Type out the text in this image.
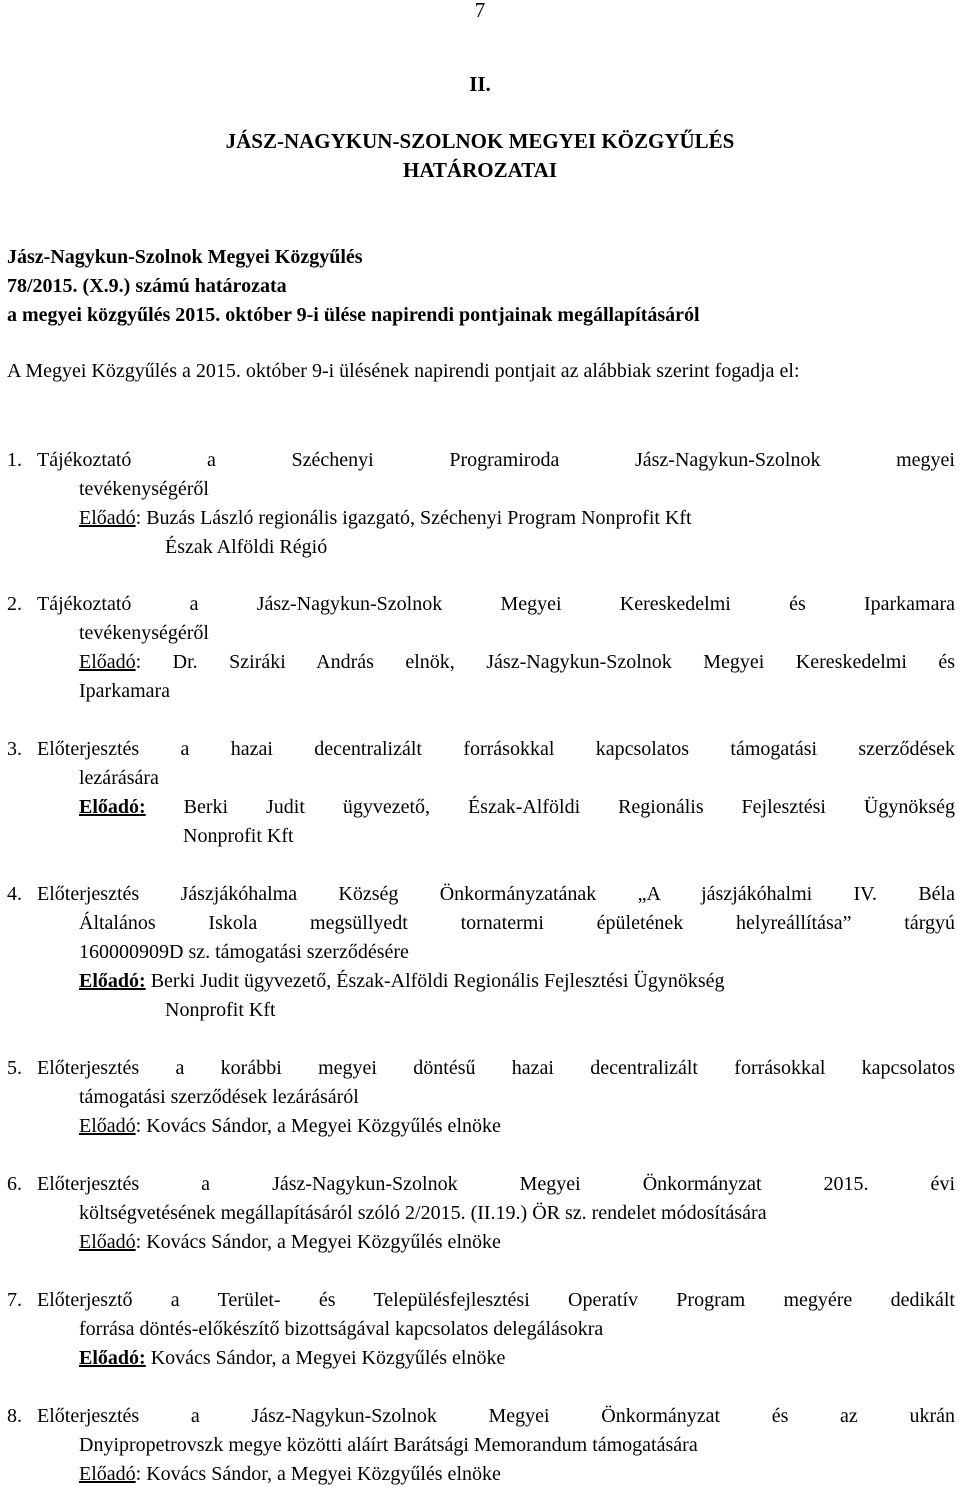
7
II.
JÁSZ-NAGYKUN-SZOLNOK MEGYEI KÖZGYŰLÉS
HATÁROZATAI
Jász-Nagykun-Szolnok Megyei Közgyűlés
78/2015. (X.9.) számú határozata
a megyei közgyűlés 2015. október 9-i ülése napirendi pontjainak megállapításáról
A Megyei Közgyűlés a 2015. október 9-i ülésének napirendi pontjait az alábbiak szerint fogadja el:
1. Tájékoztató a Széchenyi Programiroda Jász-Nagykun-Szolnok megyei
tevékenységéről
Előadó: Buzás László regionális igazgató, Széchenyi Program Nonprofit Kft
Észak Alföldi Régió
2. Tájékoztató a Jász-Nagykun-Szolnok Megyei Kereskedelmi és Iparkamara
tevékenységéről
Előadó: Dr. Sziráki András elnök, Jász-Nagykun-Szolnok Megyei Kereskedelmi és
Iparkamara
3. Előterjesztés a hazai decentralizált forrásokkal kapcsolatos támogatási szerződések
lezárására
Előadó: Berki Judit ügyvezető, Észak-Alföldi Regionális Fejlesztési Ügynökség
Nonprofit Kft
4. Előterjesztés Jászjákóhalma Község Önkormányzatának „A jászjákóhalmi IV. Béla
Általános Iskola megsüllyedt tornatermi épületének helyreállítása” tárgyú
160000909D sz. támogatási szerződésére
Előadó: Berki Judit ügyvezető, Észak-Alföldi Regionális Fejlesztési Ügynökség
Nonprofit Kft
5. Előterjesztés a korábbi megyei döntésű hazai decentralizált forrásokkal kapcsolatos
támogatási szerződések lezárásáról
Előadó: Kovács Sándor, a Megyei Közgyűlés elnöke
6. Előterjesztés a Jász-Nagykun-Szolnok Megyei Önkormányzat 2015. évi
költségvetésének megállapításáról szóló 2/2015. (II.19.) ÖR sz. rendelet módosítására
Előadó: Kovács Sándor, a Megyei Közgyűlés elnöke
7. Előterjesztő a Terület- és Településfejlesztési Operatív Program megyére dedikált
forrása döntés-előkészítő bizottságával kapcsolatos delegálásokra
Előadó: Kovács Sándor, a Megyei Közgyűlés elnöke
8. Előterjesztés a Jász-Nagykun-Szolnok Megyei Önkormányzat és az ukrán
Dnyipropetrovszk megye közötti aláírt Barátsági Memorandum támogatására
Előadó: Kovács Sándor, a Megyei Közgyűlés elnöke
